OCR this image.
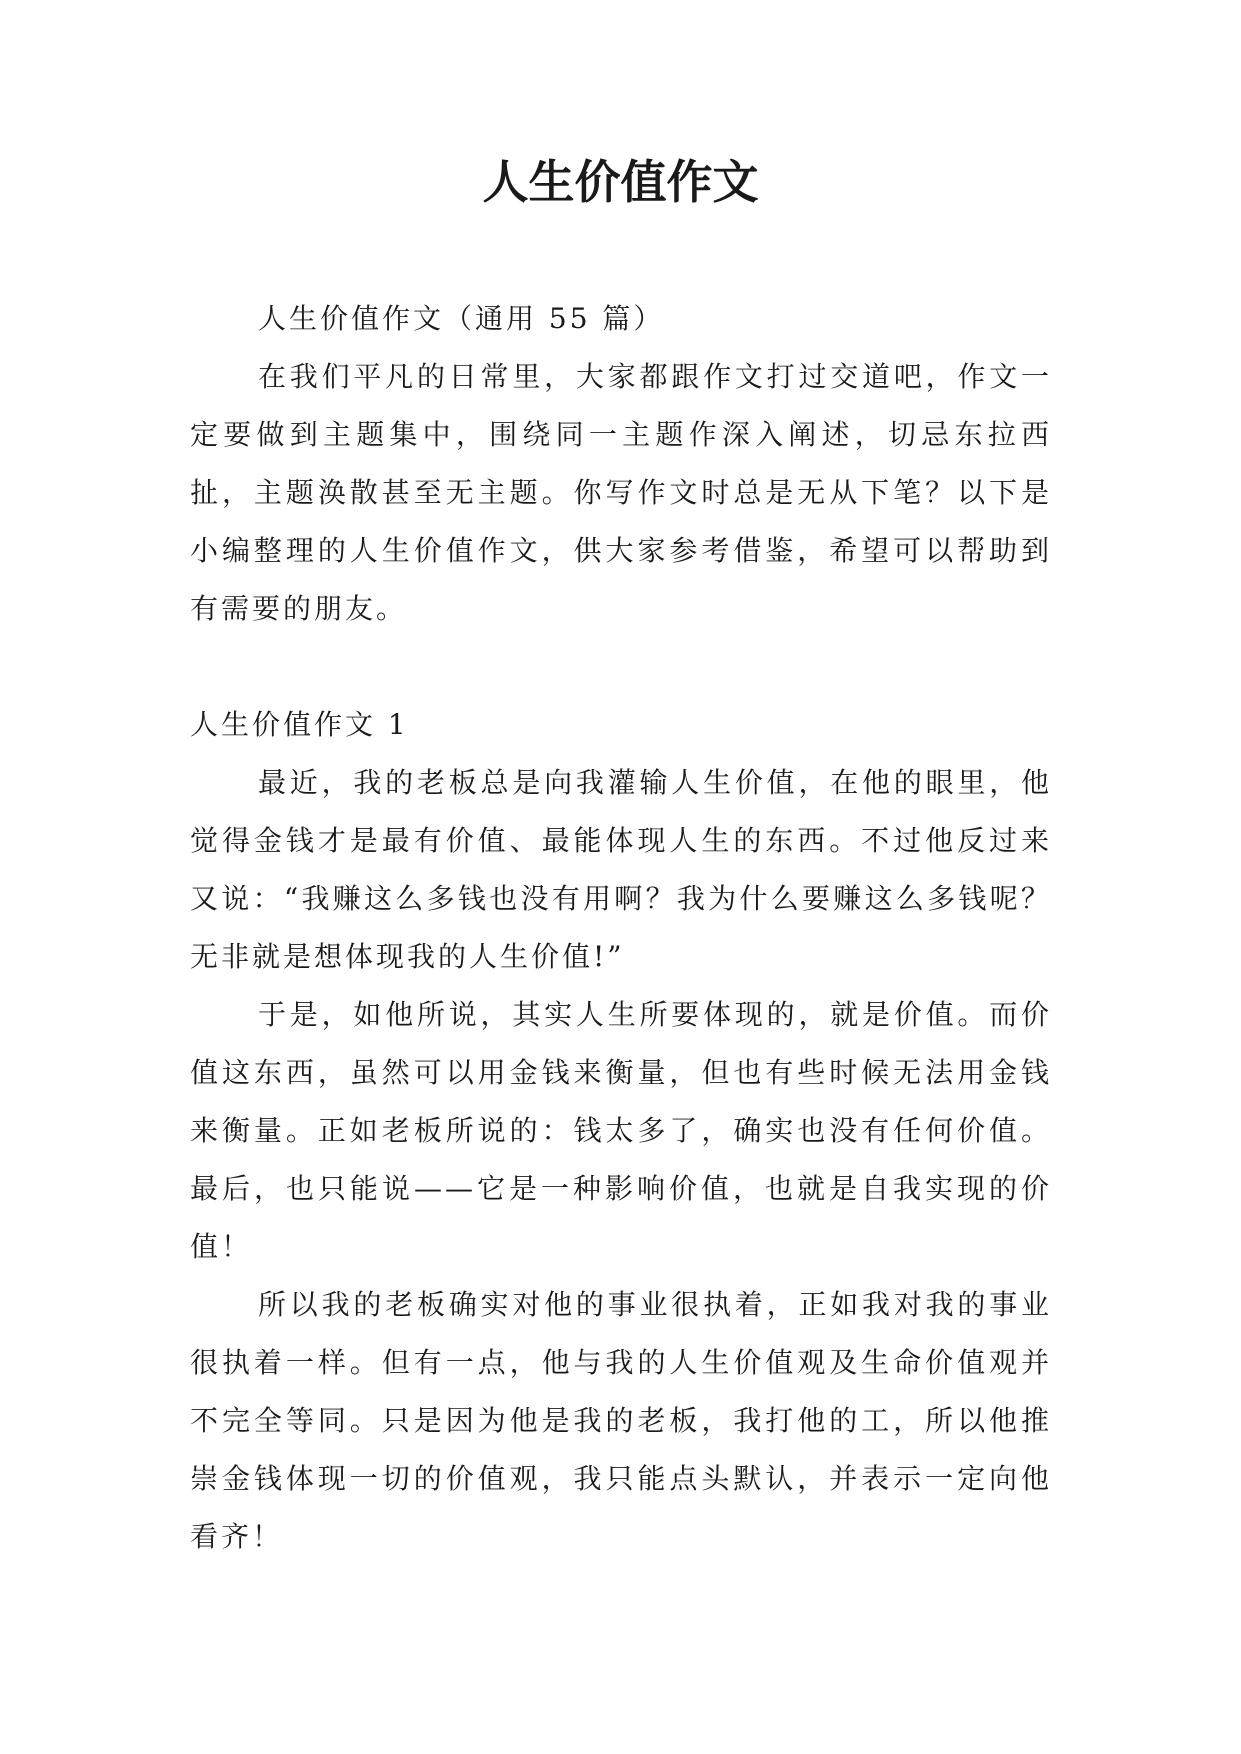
人生价值作文

人生价值作文（通用 55 篇）

在我们平凡的日常里，大家都跟作文打过交道吧，作文一定要做到主题集中，围绕同一主题作深入阐述，切忌东拉西扯，主题涣散甚至无主题。你写作文时总是无从下笔？以下是小编整理的人生价值作文，供大家参考借鉴，希望可以帮助到有需要的朋友。

人生价值作文 1

最近，我的老板总是向我灌输人生价值，在他的眼里，他觉得金钱才是最有价值、最能体现人生的东西。不过他反过来又说：“我赚这么多钱也没有用啊？我为什么要赚这么多钱呢？无非就是想体现我的人生价值!”

于是，如他所说，其实人生所要体现的，就是价值。而价值这东西，虽然可以用金钱来衡量，但也有些时候无法用金钱来衡量。正如老板所说的：钱太多了，确实也没有任何价值。最后，也只能说——它是一种影响价值，也就是自我实现的价值！

所以我的老板确实对他的事业很执着，正如我对我的事业很执着一样。但有一点，他与我的人生价值观及生命价值观并不完全等同。只是因为他是我的老板，我打他的工，所以他推崇金钱体现一切的价值观，我只能点头默认，并表示一定向他看齐！
